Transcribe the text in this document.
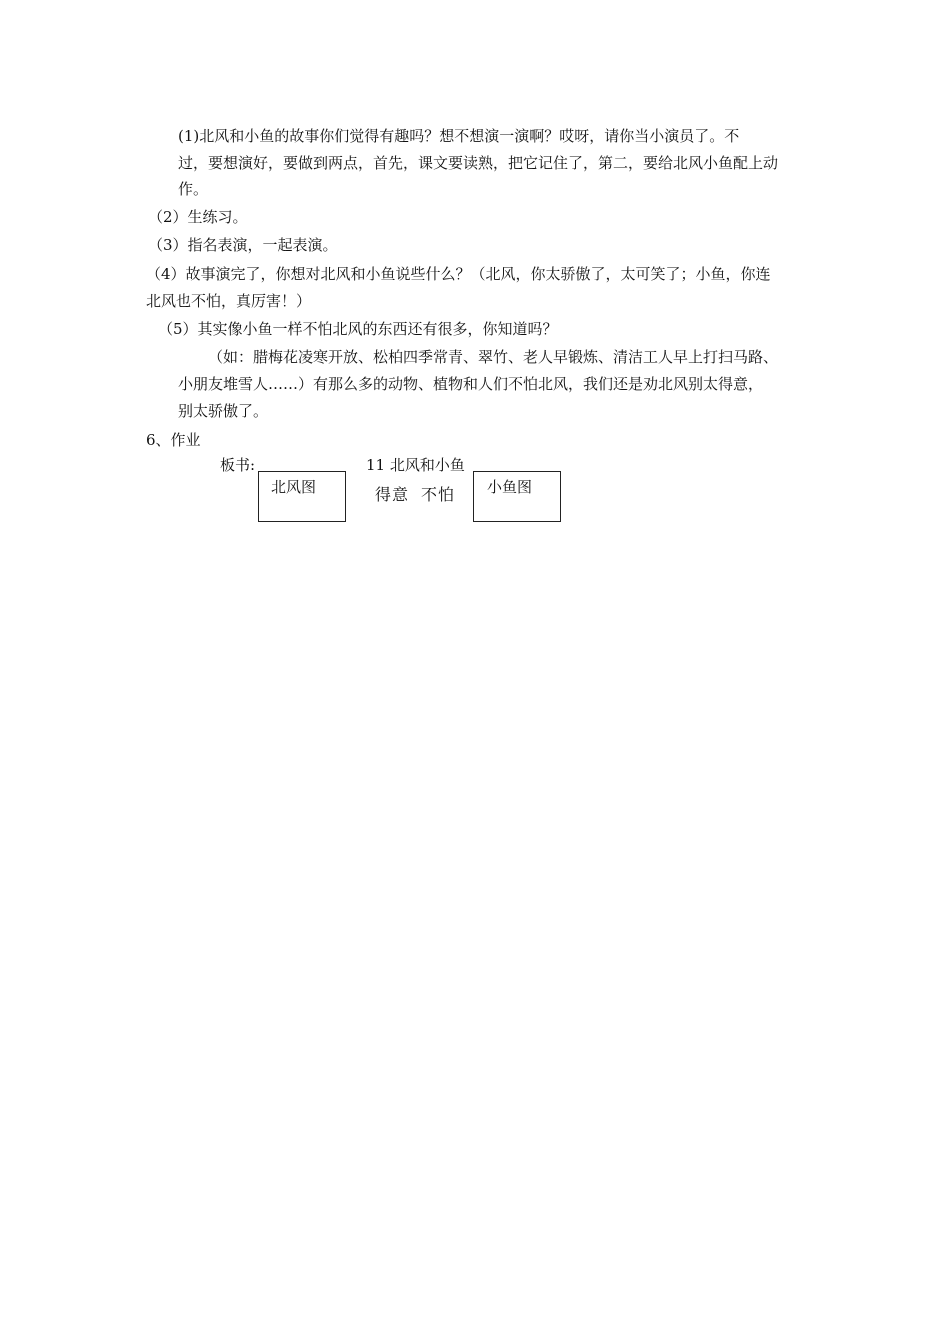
(1)北风和小鱼的故事你们觉得有趣吗？想不想演一演啊？哎呀，请你当小演员了。不
过，要想演好，要做到两点，首先，课文要读熟，把它记住了，第二，要给北风小鱼配上动
作。
（2）生练习。
（3）指名表演，一起表演。
（4）故事演完了，你想对北风和小鱼说些什么？（北风，你太骄傲了，太可笑了；小鱼，你连
北风也不怕，真厉害！）
（5）其实像小鱼一样不怕北风的东西还有很多，你知道吗？
（如：腊梅花凌寒开放、松柏四季常青、翠竹、老人早锻炼、清洁工人早上打扫马路、
小朋友堆雪人……）有那么多的动物、植物和人们不怕北风，我们还是劝北风别太得意，
别太骄傲了。
6、作业
板书:	11 北风和小鱼
北风图	得意 不怕 小鱼图
